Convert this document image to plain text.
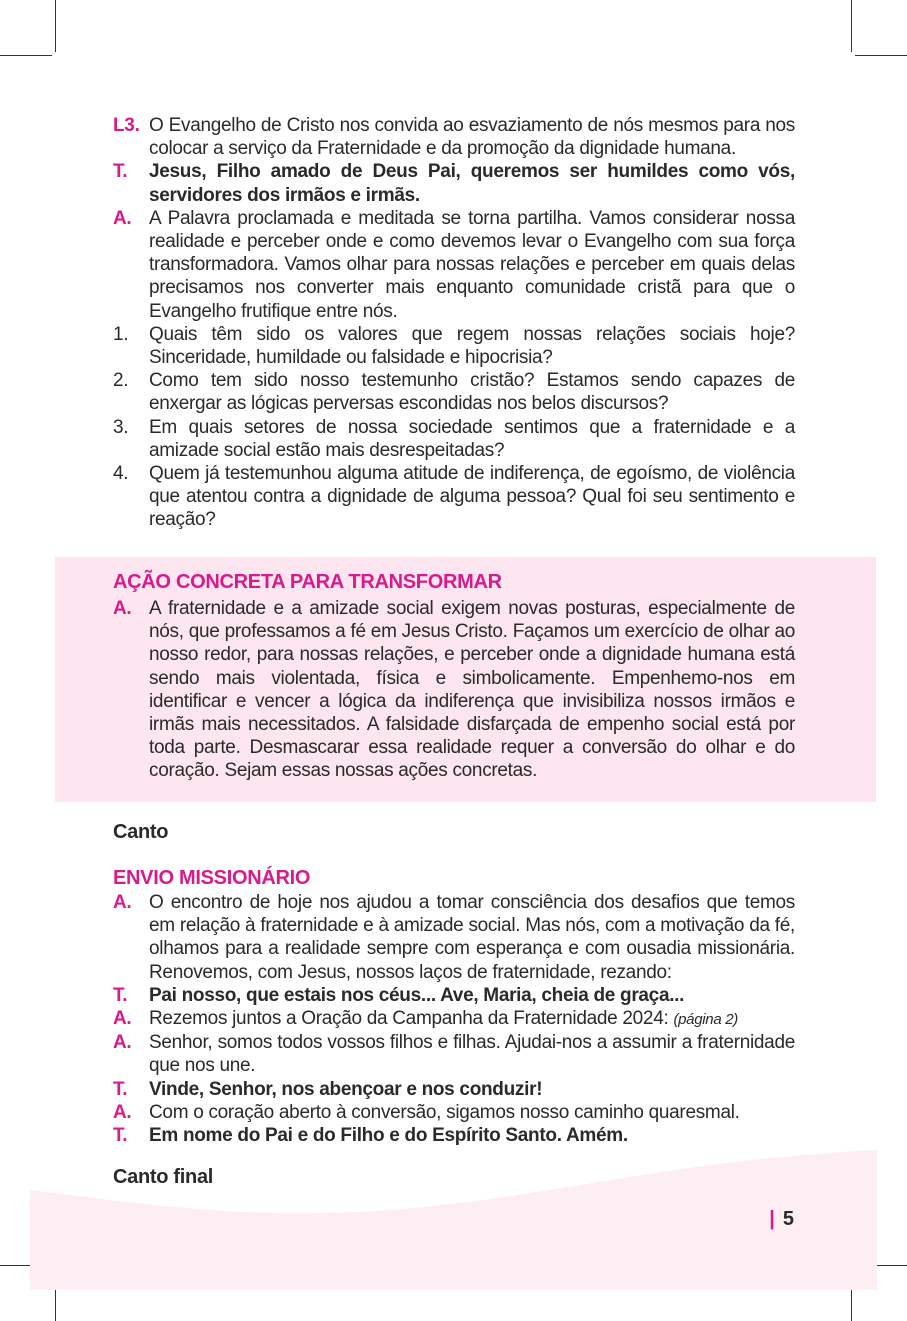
L3. O Evangelho de Cristo nos convida ao esvaziamento de nós mesmos para nos colocar a serviço da Fraternidade e da promoção da dignidade humana.
T.	Jesus, Filho amado de Deus Pai, queremos ser humildes como vós, servidores dos irmãos e irmãs.
A. A Palavra proclamada e meditada se torna partilha. Vamos considerar nossa realidade e perceber onde e como devemos levar o Evangelho com sua força transformadora. Vamos olhar para nossas relações e perceber em quais delas precisamos nos converter mais enquanto comunidade cristã para que o Evangelho frutifique entre nós.
1.	Quais têm sido os valores que regem nossas relações sociais hoje? Sinceridade, humildade ou falsidade e hipocrisia?
2.	Como tem sido nosso testemunho cristão? Estamos sendo capazes de enxergar as lógicas perversas escondidas nos belos discursos?
3.	Em quais setores de nossa sociedade sentimos que a fraternidade e a amizade social estão mais desrespeitadas?
4.	Quem já testemunhou alguma atitude de indiferença, de egoísmo, de violência que atentou contra a dignidade de alguma pessoa? Qual foi seu sentimento e reação?
AÇÃO CONCRETA PARA TRANSFORMAR
A. A fraternidade e a amizade social exigem novas posturas, especialmente de nós, que professamos a fé em Jesus Cristo. Façamos um exercício de olhar ao nosso redor, para nossas relações, e perceber onde a dignidade humana está sendo mais violentada, física e simbolicamente. Empenhemo-nos em identificar e vencer a lógica da indiferença que invisibiliza nossos irmãos e irmãs mais necessitados. A falsidade disfarçada de empenho social está por toda parte. Desmascarar essa realidade requer a conversão do olhar e do coração. Sejam essas nossas ações concretas.
Canto
ENVIO MISSIONÁRIO
A. O encontro de hoje nos ajudou a tomar consciência dos desafios que temos em relação à fraternidade e à amizade social. Mas nós, com a motivação da fé, olhamos para a realidade sempre com esperança e com ousadia missionária. Renovemos, com Jesus, nossos laços de fraternidade, rezando:
T.	Pai nosso, que estais nos céus... Ave, Maria, cheia de graça...
A. Rezemos juntos a Oração da Campanha da Fraternidade 2024: (página 2)
A. Senhor, somos todos vossos filhos e filhas. Ajudai-nos a assumir a fraternidade que nos une.
T.	Vinde, Senhor, nos abençoar e nos conduzir!
A. Com o coração aberto à conversão, sigamos nosso caminho quaresmal.
T.	Em nome do Pai e do Filho e do Espírito Santo. Amém.
Canto final
| 5
